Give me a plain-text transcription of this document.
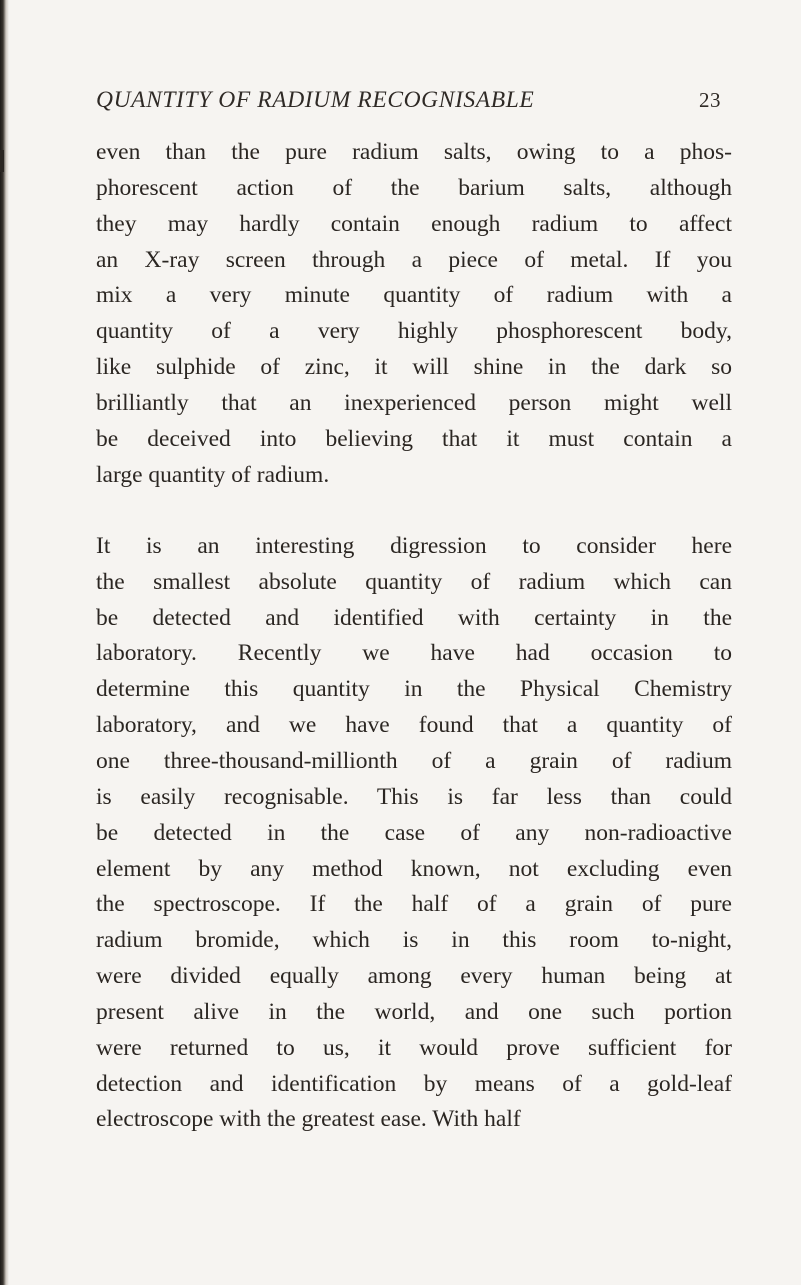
QUANTITY OF RADIUM RECOGNISABLE	23
even than the pure radium salts, owing to a phos-
phorescent action of the barium salts, although
they may hardly contain enough radium to affect
an X-ray screen through a piece of metal. If you
mix a very minute quantity of radium with a
quantity of a very highly phosphorescent body,
like sulphide of zinc, it will shine in the dark so
brilliantly that an inexperienced person might well
be deceived into believing that it must contain a
large quantity of radium.
It is an interesting digression to consider here
the smallest absolute quantity of radium which can
be detected and identified with certainty in the
laboratory. Recently we have had occasion to
determine this quantity in the Physical Chemistry
laboratory, and we have found that a quantity of
one three-thousand-millionth of a grain of radium
is easily recognisable. This is far less than could
be detected in the case of any non-radioactive
element by any method known, not excluding even
the spectroscope. If the half of a grain of pure
radium bromide, which is in this room to-night,
were divided equally among every human being at
present alive in the world, and one such portion
were returned to us, it would prove sufficient for
detection and identification by means of a gold-leaf
electroscope with the greatest ease. With half
